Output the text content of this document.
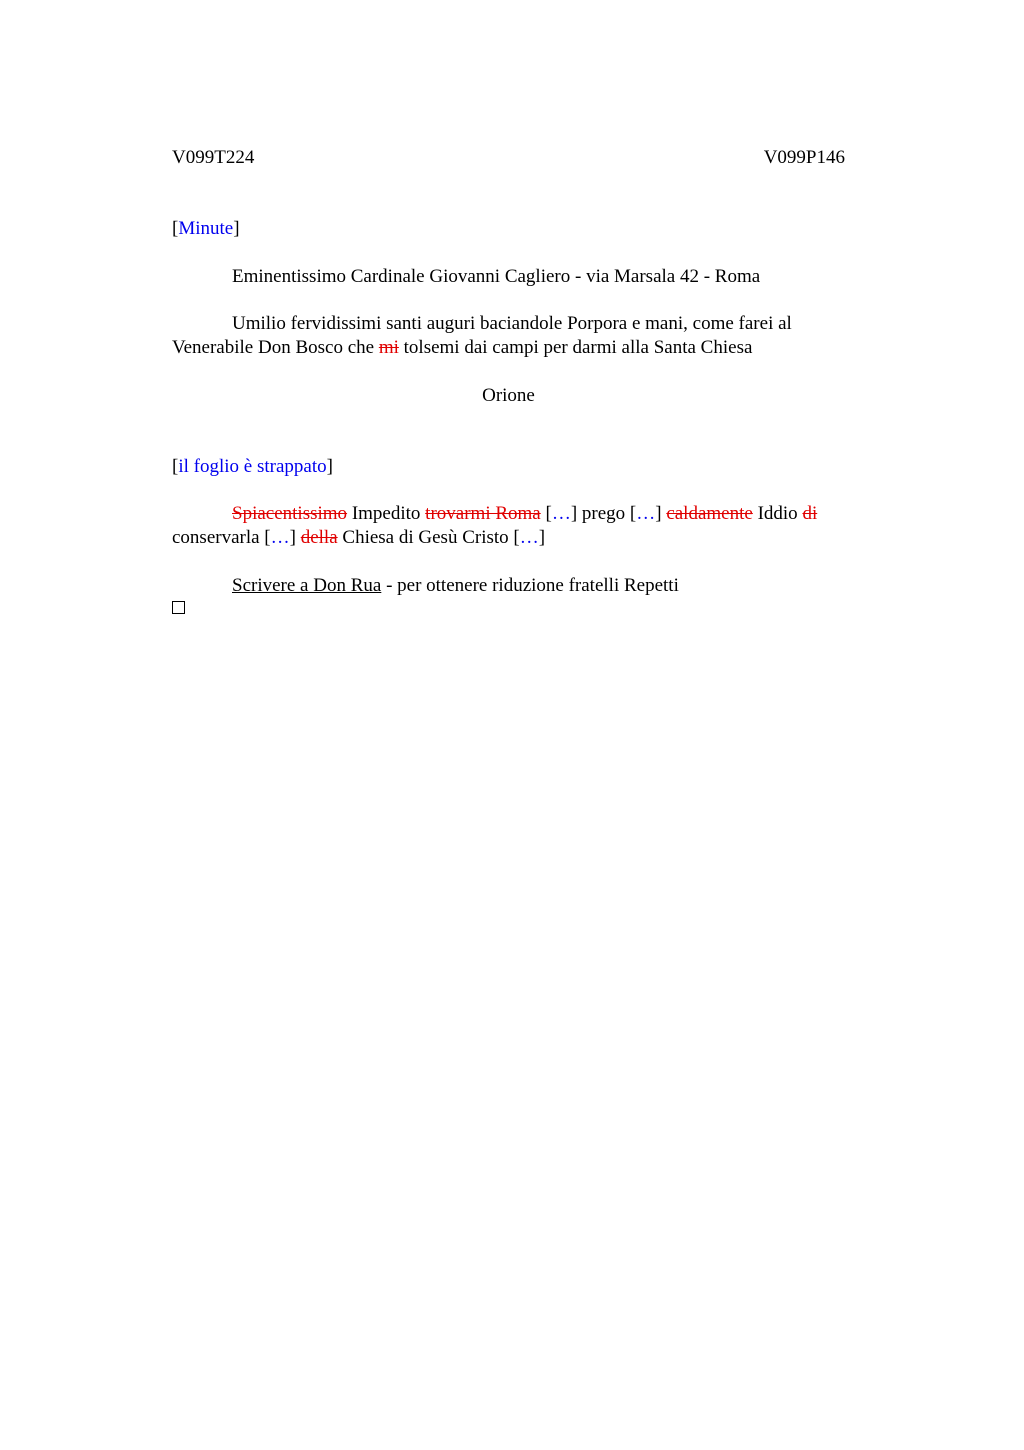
V099T224	V099P146
[Minute]
Eminentissimo Cardinale Giovanni Cagliero - via Marsala 42 - Roma
Umilio fervidissimi santi auguri baciandole Porpora e mani, come farei al
Venerabile Don Bosco che mi tolsemi dai campi per darmi alla Santa Chiesa
Orione
[il foglio è strappato]
Spiacentissimo Impedito trovarmi Roma […] prego […] caldamente Iddio di
conservarla […] della Chiesa di Gesù Cristo […]
Scrivere a Don Rua - per ottenere riduzione fratelli Repetti
